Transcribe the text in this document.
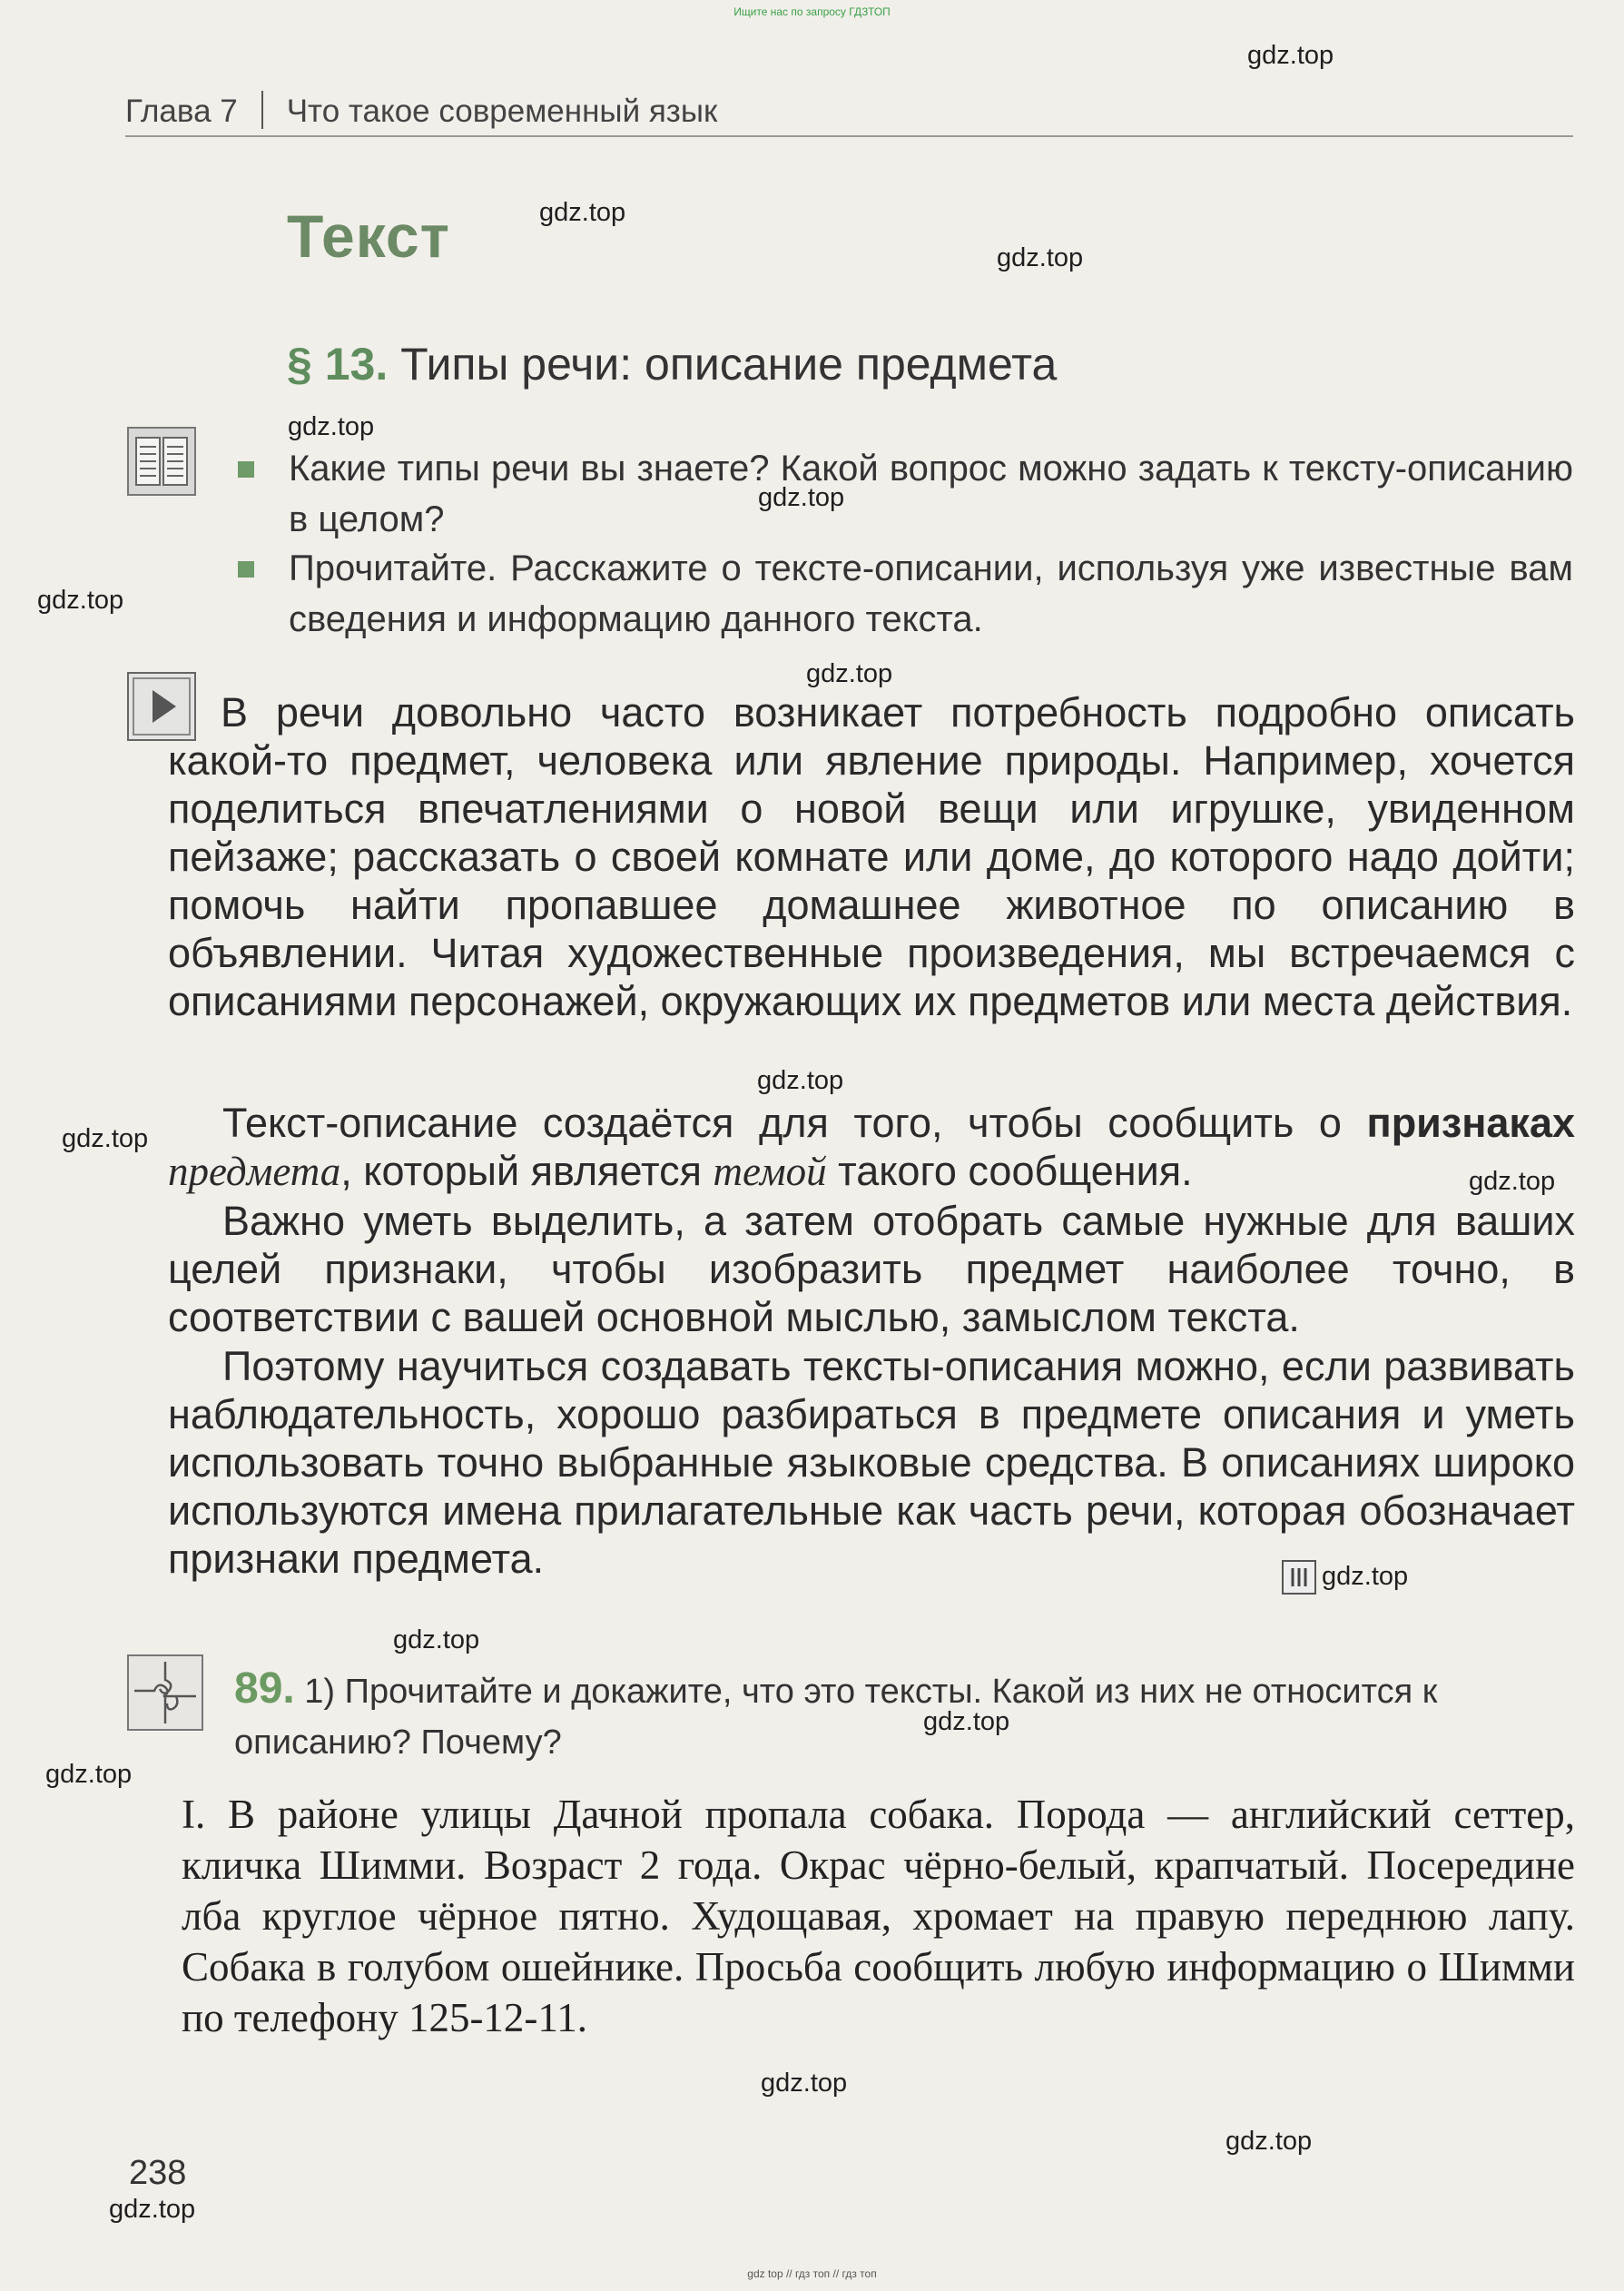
Ищите нас по запросу ГДЗТОП
Глава 7 Что такое современный язык
Текст
§ 13. Типы речи: описание предмета
Какие типы речи вы знаете? Какой вопрос можно задать к тексту-описанию в целом?
Прочитайте. Расскажите о тексте-описании, используя уже известные вам сведения и информацию данного текста.
В речи довольно часто возникает потребность подробно описать какой-то предмет, человека или явление природы. Например, хочется поделиться впечатлениями о новой вещи или игрушке, увиденном пейзаже; рассказать о своей комнате или доме, до которого надо дойти; помочь найти пропавшее домашнее животное по описанию в объявлении. Читая художественные произведения, мы встречаемся с описаниями персонажей, окружающих их предметов или места действия.
Текст-описание создаётся для того, чтобы сообщить о признаках предмета, который является темой такого сообщения.
Важно уметь выделить, а затем отобрать самые нужные для ваших целей признаки, чтобы изобразить предмет наиболее точно, в соответствии с вашей основной мыслью, замыслом текста.
Поэтому научиться создавать тексты-описания можно, если развивать наблюдательность, хорошо разбираться в предмете описания и уметь использовать точно выбранные языковые средства. В описаниях широко используются имена прилагательные как часть речи, которая обозначает признаки предмета.
89. 1) Прочитайте и докажите, что это тексты. Какой из них не относится к описанию? Почему?
I. В районе улицы Дачной пропала собака. Порода — английский сеттер, кличка Шимми. Возраст 2 года. Окрас чёрно-белый, крапчатый. Посередине лба круглое чёрное пятно. Худощавая, хромает на правую переднюю лапу. Собака в голубом ошейнике. Просьба сообщить любую информацию о Шимми по телефону 125-12-11.
238
gdz.top
gdz.top
gdz.top
gdz.top
gdz.top
gdz.top
gdz.top
gdz.top
gdz.top
gdz.top
gdz.top
gdz.top
gdz.top
gdz.top
gdz.top
gdz.top
gdz.top
gdz top // гдз топ // гдз топ
